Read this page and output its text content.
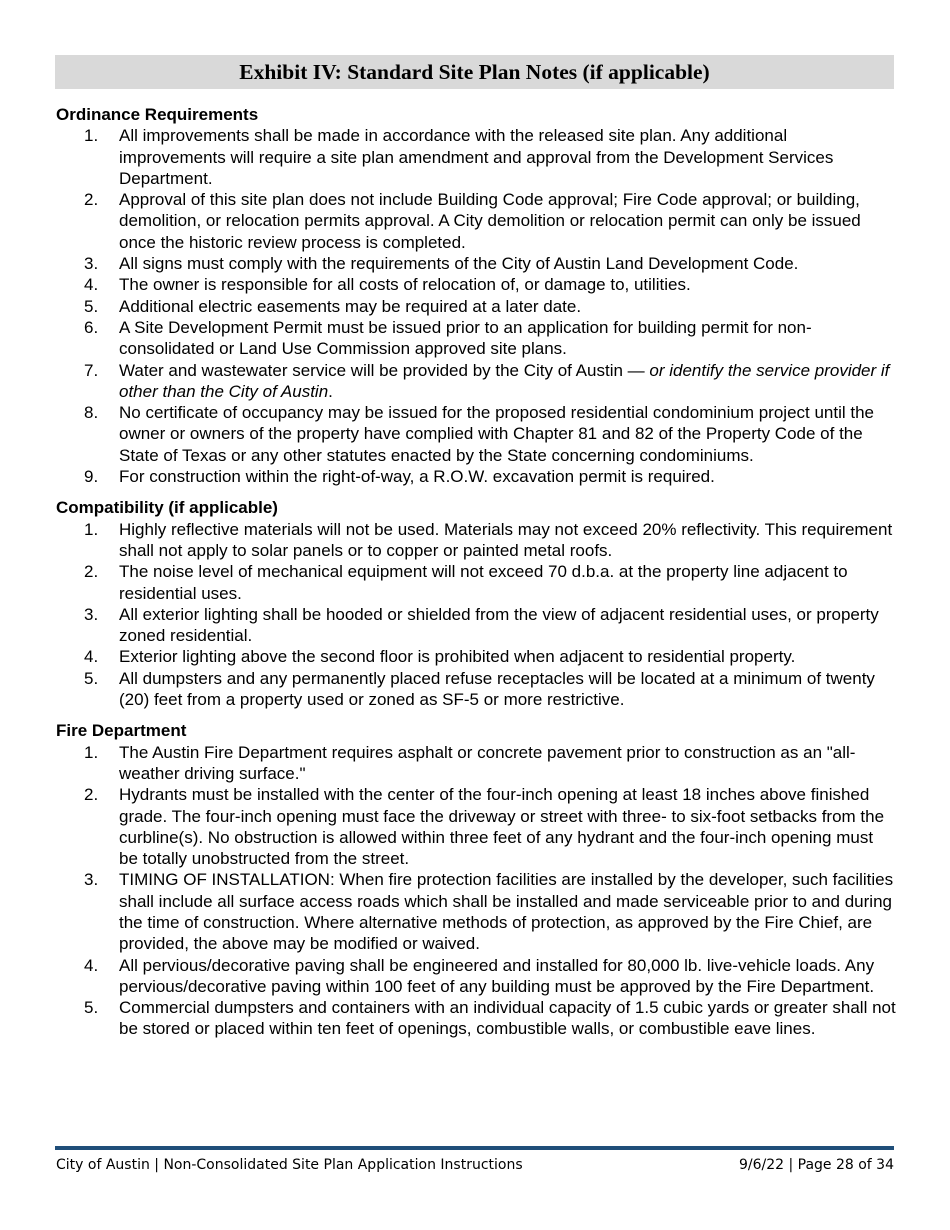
Exhibit IV: Standard Site Plan Notes (if applicable)
Ordinance Requirements
1.	All improvements shall be made in accordance with the released site plan. Any additional improvements will require a site plan amendment and approval from the Development Services Department.
2.	Approval of this site plan does not include Building Code approval; Fire Code approval; or building, demolition, or relocation permits approval. A City demolition or relocation permit can only be issued once the historic review process is completed.
3.	All signs must comply with the requirements of the City of Austin Land Development Code.
4.	The owner is responsible for all costs of relocation of, or damage to, utilities.
5.	Additional electric easements may be required at a later date.
6.	A Site Development Permit must be issued prior to an application for building permit for non-consolidated or Land Use Commission approved site plans.
7.	Water and wastewater service will be provided by the City of Austin — or identify the service provider if other than the City of Austin.
8.	No certificate of occupancy may be issued for the proposed residential condominium project until the owner or owners of the property have complied with Chapter 81 and 82 of the Property Code of the State of Texas or any other statutes enacted by the State concerning condominiums.
9.	For construction within the right-of-way, a R.O.W. excavation permit is required.
Compatibility (if applicable)
1.	Highly reflective materials will not be used. Materials may not exceed 20% reflectivity. This requirement shall not apply to solar panels or to copper or painted metal roofs.
2.	The noise level of mechanical equipment will not exceed 70 d.b.a. at the property line adjacent to residential uses.
3.	All exterior lighting shall be hooded or shielded from the view of adjacent residential uses, or property zoned residential.
4.	Exterior lighting above the second floor is prohibited when adjacent to residential property.
5.	All dumpsters and any permanently placed refuse receptacles will be located at a minimum of twenty (20) feet from a property used or zoned as SF-5 or more restrictive.
Fire Department
1.	The Austin Fire Department requires asphalt or concrete pavement prior to construction as an "all-weather driving surface."
2.	Hydrants must be installed with the center of the four-inch opening at least 18 inches above finished grade. The four-inch opening must face the driveway or street with three- to six-foot setbacks from the curbline(s). No obstruction is allowed within three feet of any hydrant and the four-inch opening must be totally unobstructed from the street.
3.	TIMING OF INSTALLATION: When fire protection facilities are installed by the developer, such facilities shall include all surface access roads which shall be installed and made serviceable prior to and during the time of construction. Where alternative methods of protection, as approved by the Fire Chief, are provided, the above may be modified or waived.
4.	All pervious/decorative paving shall be engineered and installed for 80,000 lb. live-vehicle loads. Any pervious/decorative paving within 100 feet of any building must be approved by the Fire Department.
5.	Commercial dumpsters and containers with an individual capacity of 1.5 cubic yards or greater shall not be stored or placed within ten feet of openings, combustible walls, or combustible eave lines.
City of Austin | Non-Consolidated Site Plan Application Instructions	9/6/22 | Page 28 of 34
